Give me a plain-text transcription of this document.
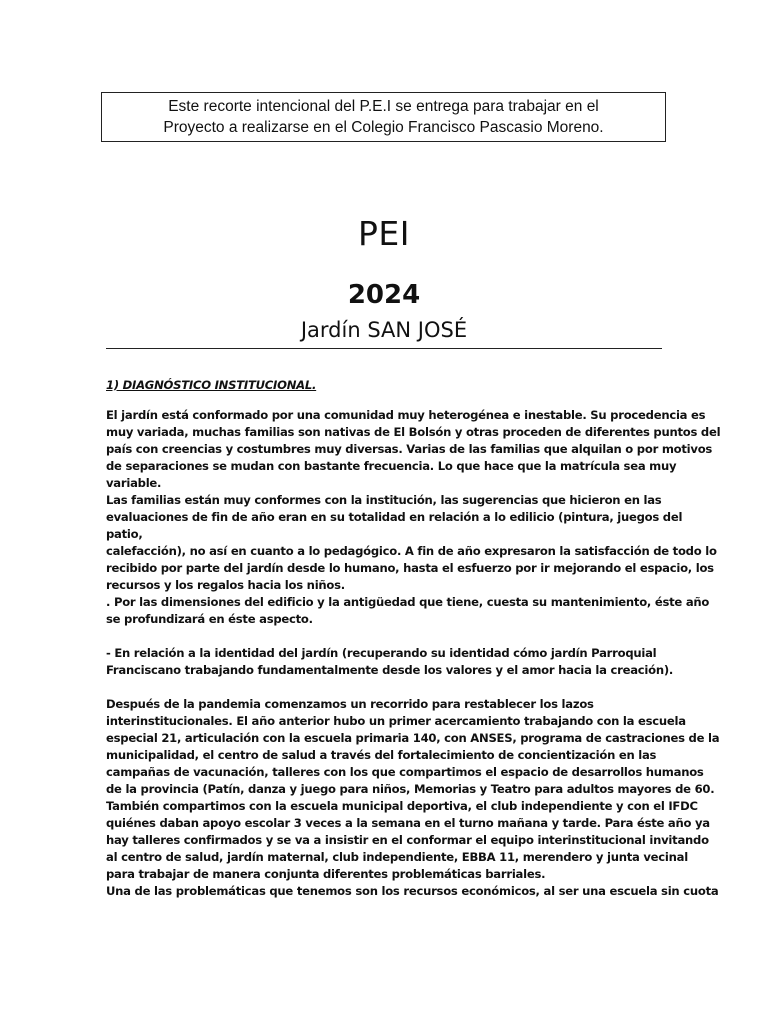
Este recorte intencional del P.E.I se entrega para trabajar en el
Proyecto a realizarse en el Colegio Francisco Pascasio Moreno.
PEI
2024
Jardín SAN JOSÉ
1) DIAGNÓSTICO INSTITUCIONAL.
El jardín está conformado por una comunidad muy heterogénea e inestable. Su procedencia es
muy variada, muchas familias son nativas de El Bolsón y otras proceden de diferentes puntos del
país con creencias y costumbres muy diversas. Varias de las familias que alquilan o por motivos
de separaciones se mudan con bastante frecuencia. Lo que hace que la matrícula sea muy
variable.
Las familias están muy conformes con la institución, las sugerencias que hicieron en las
evaluaciones de fin de año eran en su totalidad en relación a lo edilicio (pintura, juegos del
patio,
calefacción), no así en cuanto a lo pedagógico. A fin de año expresaron la satisfacción de todo lo
recibido por parte del jardín desde lo humano, hasta el esfuerzo por ir mejorando el espacio, los
recursos y los regalos hacia los niños.
. Por las dimensiones del edificio y la antigüedad que tiene, cuesta su mantenimiento, éste año
se profundizará en éste aspecto.
- En relación a la identidad del jardín (recuperando su identidad cómo jardín Parroquial
Franciscano trabajando fundamentalmente desde los valores y el amor hacia la creación).
Después de la pandemia comenzamos un recorrido para restablecer los lazos
interinstitucionales. El año anterior hubo un primer acercamiento trabajando con la escuela
especial 21, articulación con la escuela primaria 140, con ANSES, programa de castraciones de la
municipalidad, el centro de salud a través del fortalecimiento de concientización en las
campañas de vacunación, talleres con los que compartimos el espacio de desarrollos humanos
de la provincia (Patín, danza y juego para niños, Memorias y Teatro para adultos mayores de 60.
También compartimos con la escuela municipal deportiva, el club independiente y con el IFDC
quiénes daban apoyo escolar 3 veces a la semana en el turno mañana y tarde. Para éste año ya
hay talleres confirmados y se va a insistir en el conformar el equipo interinstitucional invitando
al centro de salud, jardín maternal, club independiente, EBBA 11, merendero y junta vecinal
para trabajar de manera conjunta diferentes problemáticas barriales.
Una de las problemáticas que tenemos son los recursos económicos, al ser una escuela sin cuota
